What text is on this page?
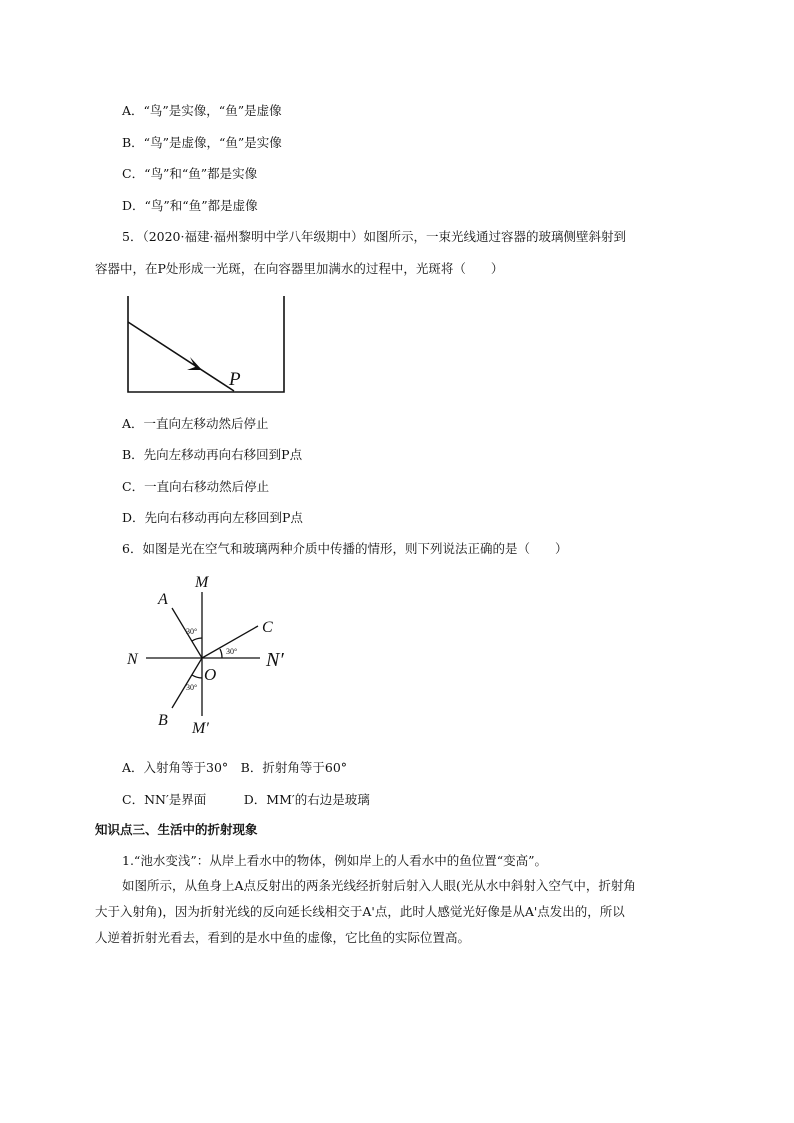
A．“鸟”是实像，“鱼”是虚像
B．“鸟”是虚像，“鱼”是实像
C．“鸟”和“鱼”都是实像
D．“鸟”和“鱼”都是虚像
5．（2020·福建·福州黎明中学八年级期中）如图所示，一束光线通过容器的玻璃侧壁斜射到
容器中，在P处形成一光斑，在向容器里加满水的过程中，光斑将（　　）
P
A．一直向左移动然后停止
B．先向左移动再向右移回到P点
C．一直向右移动然后停止
D．先向右移动再向左移回到P点
6．如图是光在空气和玻璃两种介质中传播的情形，则下列说法正确的是（　　）
M
M′
N	N′
A
B
C
O
30°
30°
30°
A．入射角等于30°　B．折射角等于60°
C．NN′是界面　　　D．MM′的右边是玻璃
知识点三、生活中的折射现象
1.“池水变浅”：从岸上看水中的物体，例如岸上的人看水中的鱼位置“变高”。
如图所示，从鱼身上A点反射出的两条光线经折射后射入人眼(光从水中斜射入空气中，折射角
大于入射角)，因为折射光线的反向延长线相交于A'点，此时人感觉光好像是从A'点发出的，所以
人逆着折射光看去，看到的是水中鱼的虚像，它比鱼的实际位置高。
